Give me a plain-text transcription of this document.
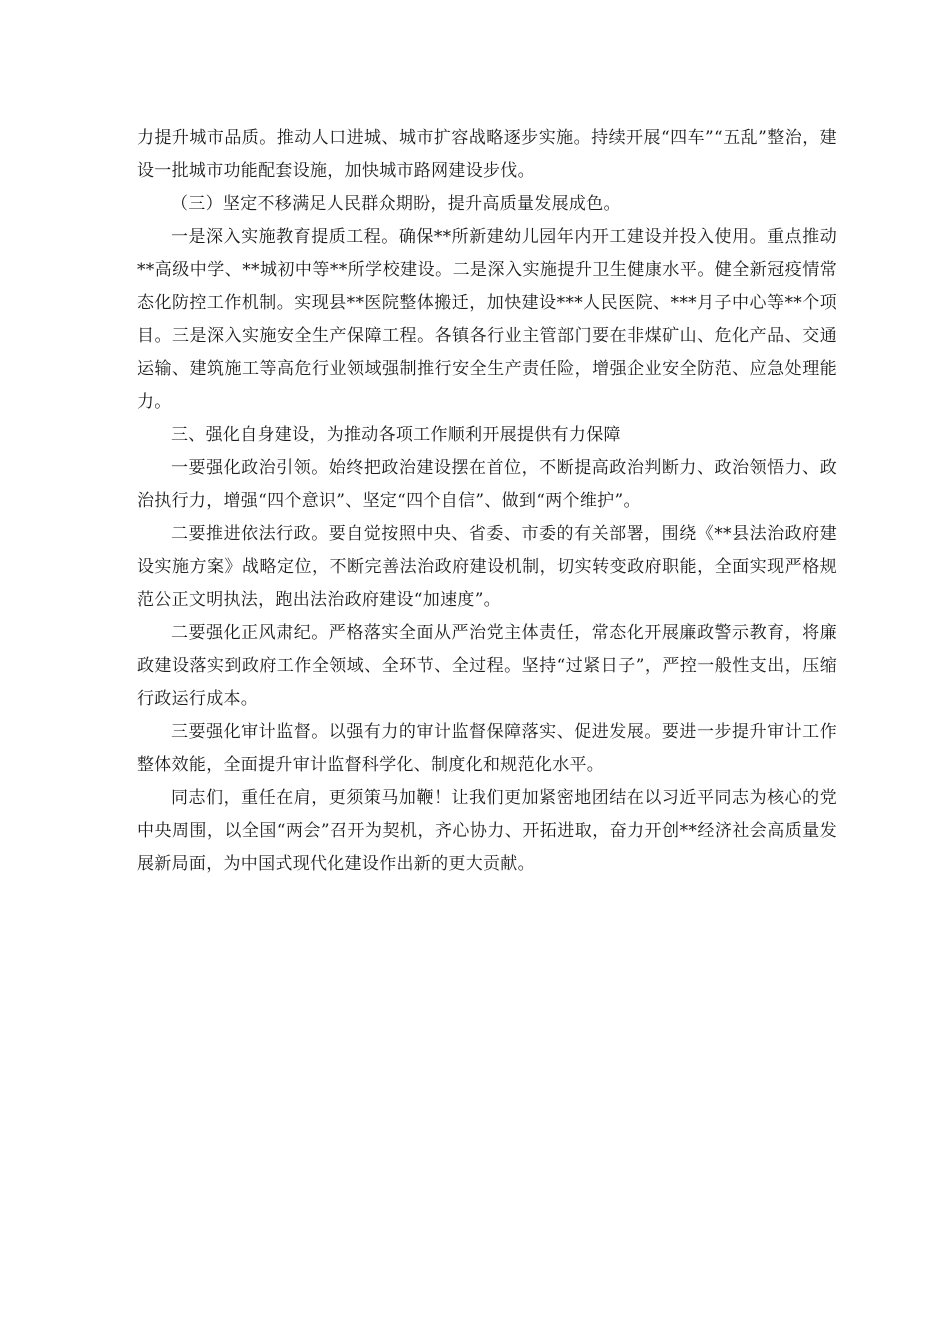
力提升城市品质。推动人口进城、城市扩容战略逐步实施。持续开展“四车”“五乱”整治，建设一批城市功能配套设施，加快城市路网建设步伐。

（三）坚定不移满足人民群众期盼，提升高质量发展成色。

一是深入实施教育提质工程。确保**所新建幼儿园年内开工建设并投入使用。重点推动**高级中学、**城初中等**所学校建设。二是深入实施提升卫生健康水平。健全新冠疫情常态化防控工作机制。实现县**医院整体搬迁，加快建设***人民医院、***月子中心等**个项目。三是深入实施安全生产保障工程。各镇各行业主管部门要在非煤矿山、危化产品、交通运输、建筑施工等高危行业领域强制推行安全生产责任险，增强企业安全防范、应急处理能力。

三、强化自身建设，为推动各项工作顺利开展提供有力保障

一要强化政治引领。始终把政治建设摆在首位，不断提高政治判断力、政治领悟力、政治执行力，增强“四个意识”、坚定“四个自信”、做到“两个维护”。

二要推进依法行政。要自觉按照中央、省委、市委的有关部署，围绕《**县法治政府建设实施方案》战略定位，不断完善法治政府建设机制，切实转变政府职能，全面实现严格规范公正文明执法，跑出法治政府建设“加速度”。

二要强化正风肃纪。严格落实全面从严治党主体责任，常态化开展廉政警示教育，将廉政建设落实到政府工作全领域、全环节、全过程。坚持“过紧日子”，严控一般性支出，压缩行政运行成本。

三要强化审计监督。以强有力的审计监督保障落实、促进发展。要进一步提升审计工作整体效能，全面提升审计监督科学化、制度化和规范化水平。

同志们，重任在肩，更须策马加鞭！让我们更加紧密地团结在以习近平同志为核心的党中央周围，以全国“两会”召开为契机，齐心协力、开拓进取，奋力开创**经济社会高质量发展新局面，为中国式现代化建设作出新的更大贡献。
